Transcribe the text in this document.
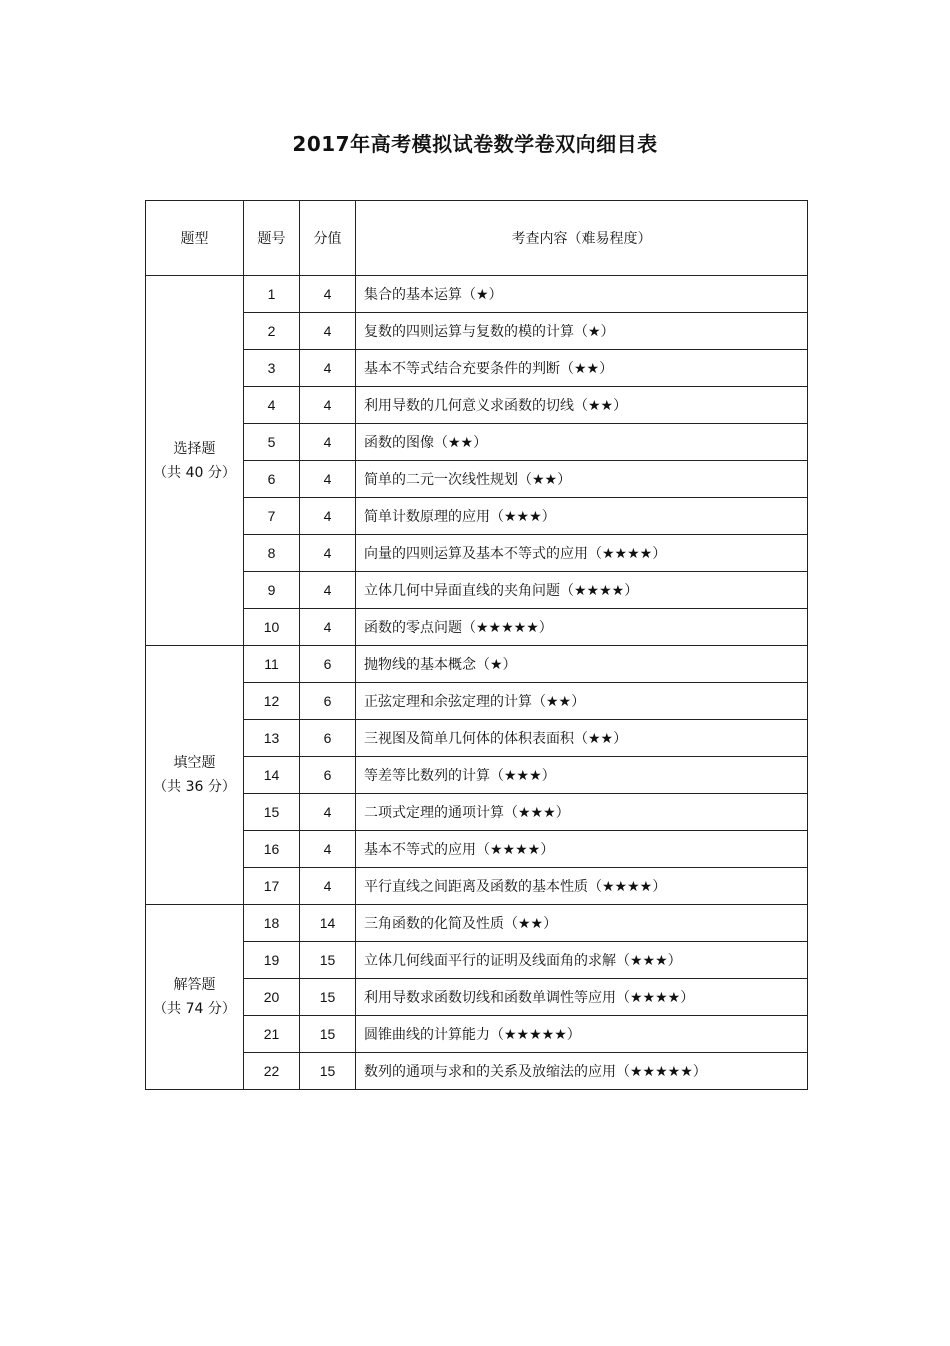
2017年高考模拟试卷数学卷双向细目表
题型	题号	分值	考查内容（难易程度）

选择题
（共 40 分）	1	4	集合的基本运算（★）
	2	4	复数的四则运算与复数的模的计算（★）
	3	4	基本不等式结合充要条件的判断（★★）
	4	4	利用导数的几何意义求函数的切线（★★）
	5	4	函数的图像（★★）
	6	4	简单的二元一次线性规划（★★）
	7	4	简单计数原理的应用（★★★）
	8	4	向量的四则运算及基本不等式的应用（★★★★）
	9	4	立体几何中异面直线的夹角问题（★★★★）
	10	4	函数的零点问题（★★★★★）

填空题
（共 36 分）	11	6	抛物线的基本概念（★）
	12	6	正弦定理和余弦定理的计算（★★）
	13	6	三视图及简单几何体的体积表面积（★★）
	14	6	等差等比数列的计算（★★★）
	15	4	二项式定理的通项计算（★★★）
	16	4	基本不等式的应用（★★★★）
	17	4	平行直线之间距离及函数的基本性质（★★★★）

解答题
（共 74 分）	18	14	三角函数的化简及性质（★★）
	19	15	立体几何线面平行的证明及线面角的求解（★★★）
	20	15	利用导数求函数切线和函数单调性等应用（★★★★）
	21	15	圆锥曲线的计算能力（★★★★★）
	22	15	数列的通项与求和的关系及放缩法的应用（★★★★★）
